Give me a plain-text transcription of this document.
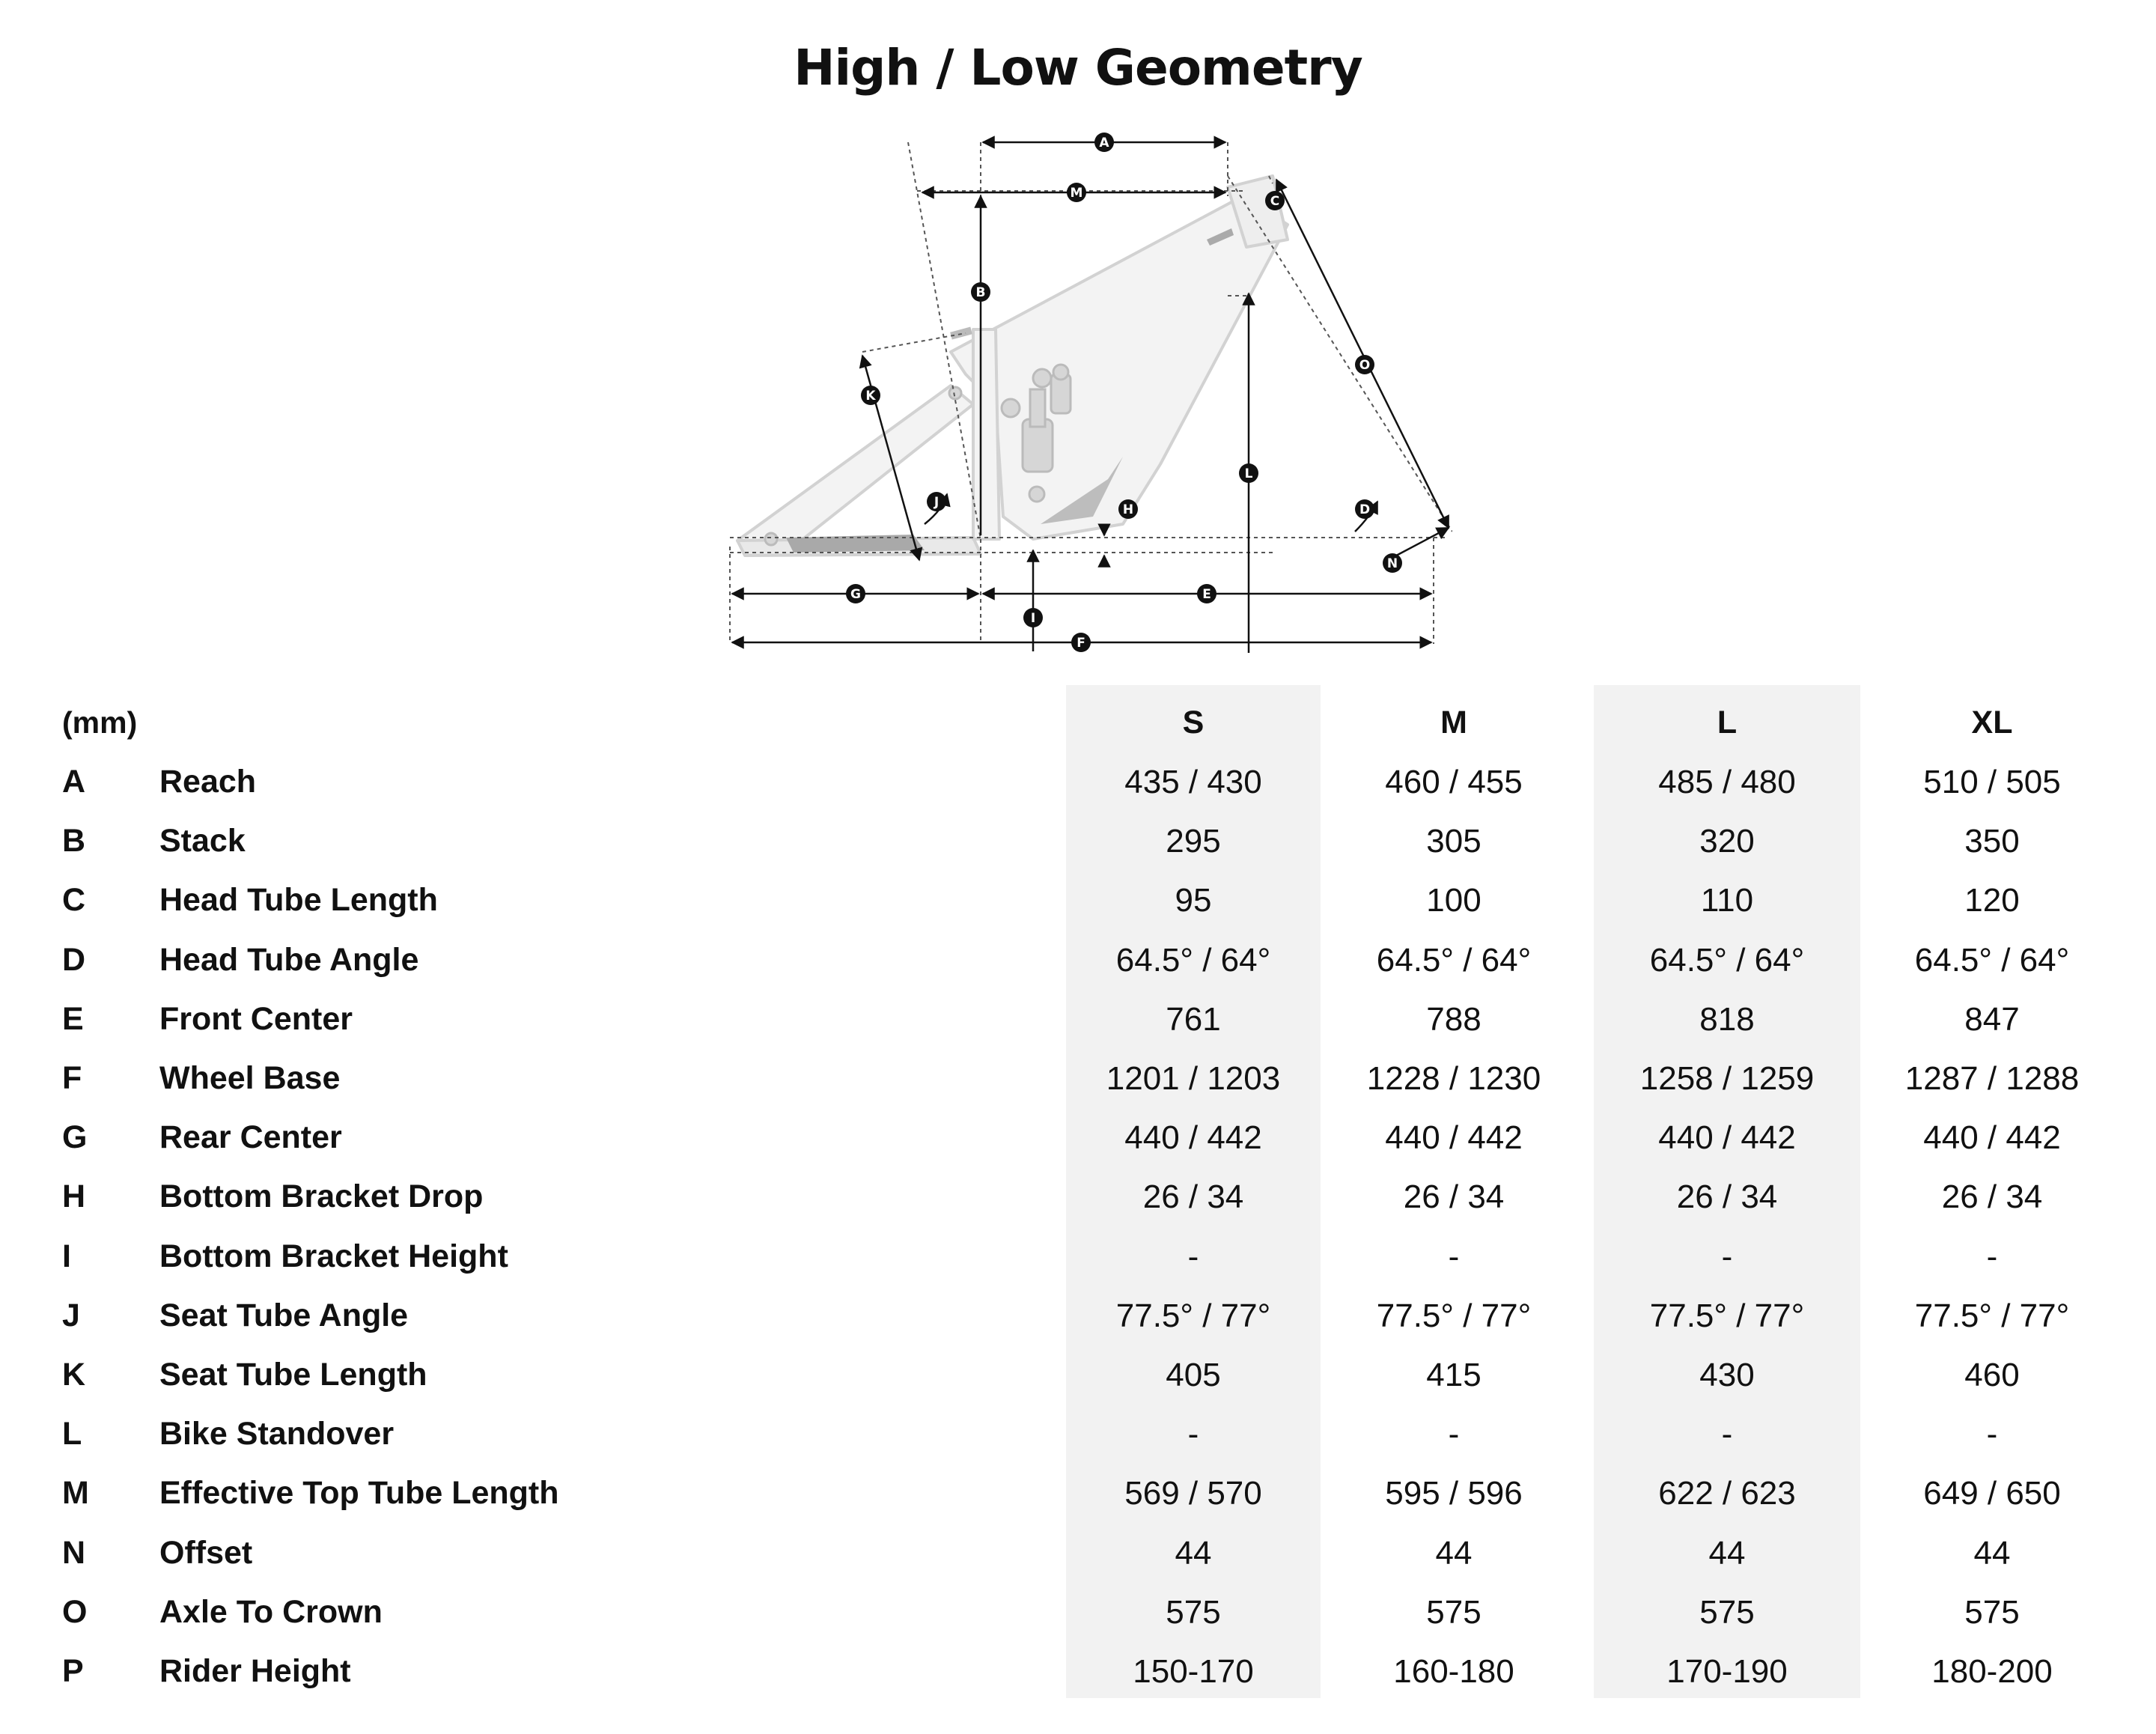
High / Low Geometry
A
B
C
D
E
F
G
H
I
J
K
L
M
N
O
(mm)	S	M	L	XL
A Reach	435 / 430	460 / 455	485 / 480	510 / 505
B Stack	295	305	320	350
C Head Tube Length	95	100	110	120
D Head Tube Angle	64.5° / 64°	64.5° / 64°	64.5° / 64°	64.5° / 64°
E Front Center	761	788	818	847
F Wheel Base	1201 / 1203	1228 / 1230	1258 / 1259	1287 / 1288
G Rear Center	440 / 442	440 / 442	440 / 442	440 / 442
H Bottom Bracket Drop	26 / 34	26 / 34	26 / 34	26 / 34
I	Bottom Bracket Height	-	-	-	-
J Seat Tube Angle	77.5° / 77°	77.5° / 77°	77.5° / 77°	77.5° / 77°
K Seat Tube Length	405	415	430	460
L Bike Standover	-	-	-	-
M Effective Top Tube Length	569 / 570	595 / 596	622 / 623	649 / 650
N Offset	44	44	44	44
O Axle To Crown	575	575	575	575
P Rider Height	150-170	160-180	170-190	180-200
